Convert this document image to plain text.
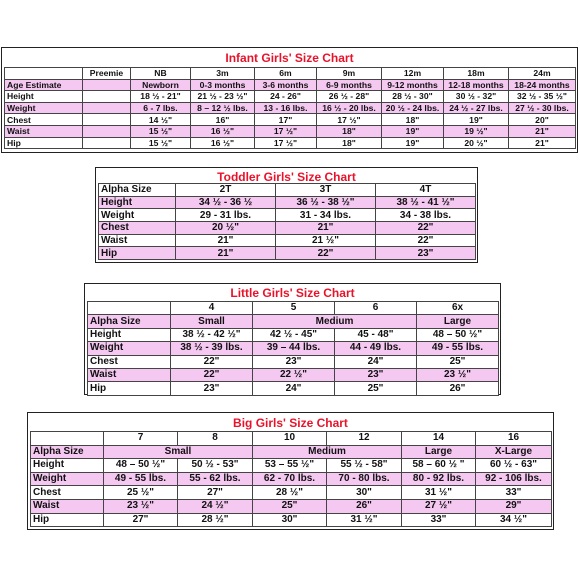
Infant Girls' Size Chart
	Preemie	NB	3m	6m	9m	12m	18m	24m
Age Estimate		Newborn	0-3 months	3-6 months	6-9 months	9-12 months	12-18 months	18-24 months
Height		18 ½ - 21"	21 ½ - 23 ½"	24 - 26"	26 ½ - 28"	28 ½ - 30"	30 ½ - 32"	32 ½ - 35 ½"
Weight		6 - 7 lbs.	8 – 12 ½ lbs.	13 - 16 lbs.	16 ½ - 20 lbs.	20 ½ - 24 lbs.	24 ½ - 27 lbs.	27 ½ - 30 lbs.
Chest		14 ½"	16"	17"	17 ½"	18"	19"	20"
Waist		15 ½"	16 ½"	17 ½"	18"	19"	19 ½"	21"
Hip		15 ½"	16 ½"	17 ½"	18"	19"	20 ½"	21"
Toddler Girls' Size Chart
Alpha Size	2T	3T	4T
Height	34 ½ - 36 ½	36 ½ - 38 ½"	38 ½ - 41 ½"
Weight	29 - 31 lbs.	31 - 34 lbs.	34 - 38 lbs.
Chest	20 ½"	21"	22"
Waist	21"	21 ½"	22"
Hip	21"	22"	23"
Little Girls' Size Chart
	4	5	6	6x
Alpha Size	Small	Medium		Large
Height	38 ½ - 42 ½"	42 ½ - 45"	45 - 48"	48 – 50 ½"
Weight	38 ½ - 39 lbs.	39 – 44 lbs.	44 - 49 lbs.	49 - 55 lbs.
Chest	22"	23"	24"	25"
Waist	22"	22 ½"	23"	23 ½"
Hip	23"	24"	25"	26"
Big Girls' Size Chart
	7	8	10	12	14	16
Alpha Size	Small		Medium		Large	X-Large
Height	48 – 50 ½"	50 ½ - 53"	53 – 55 ½"	55 ½ - 58"	58 – 60 ½ "	60 ½ - 63"
Weight	49 - 55 lbs.	55 - 62 lbs.	62 - 70 lbs.	70 - 80 lbs.	80 - 92 lbs.	92 - 106 lbs.
Chest	25 ½"	27"	28 ½"	30"	31 ½"	33"
Waist	23 ½"	24 ½"	25"	26"	27 ½"	29"
Hip	27"	28 ½"	30"	31 ½"	33"	34 ½"
